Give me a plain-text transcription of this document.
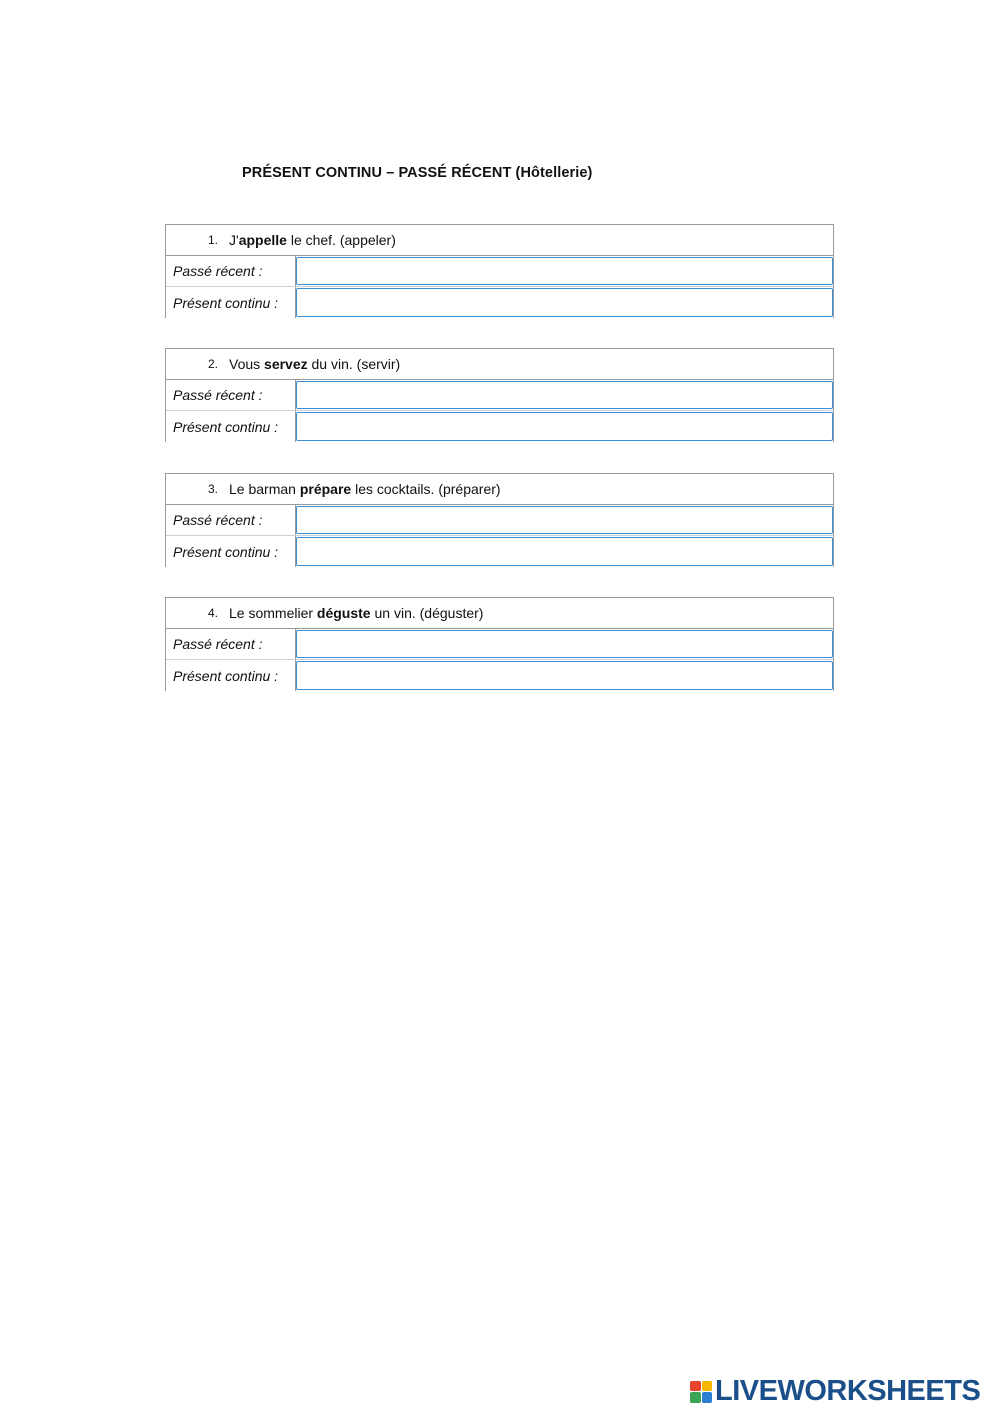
PRÉSENT CONTINU – PASSÉ RÉCENT (Hôtellerie)
1. J'appelle le chef. (appeler)
Passé récent :
Présent continu :
2. Vous servez du vin. (servir)
Passé récent :
Présent continu :
3. Le barman prépare les cocktails. (préparer)
Passé récent :
Présent continu :
4. Le sommelier déguste un vin. (déguster)
Passé récent :
Présent continu :
LIVEWORKSHEETS
